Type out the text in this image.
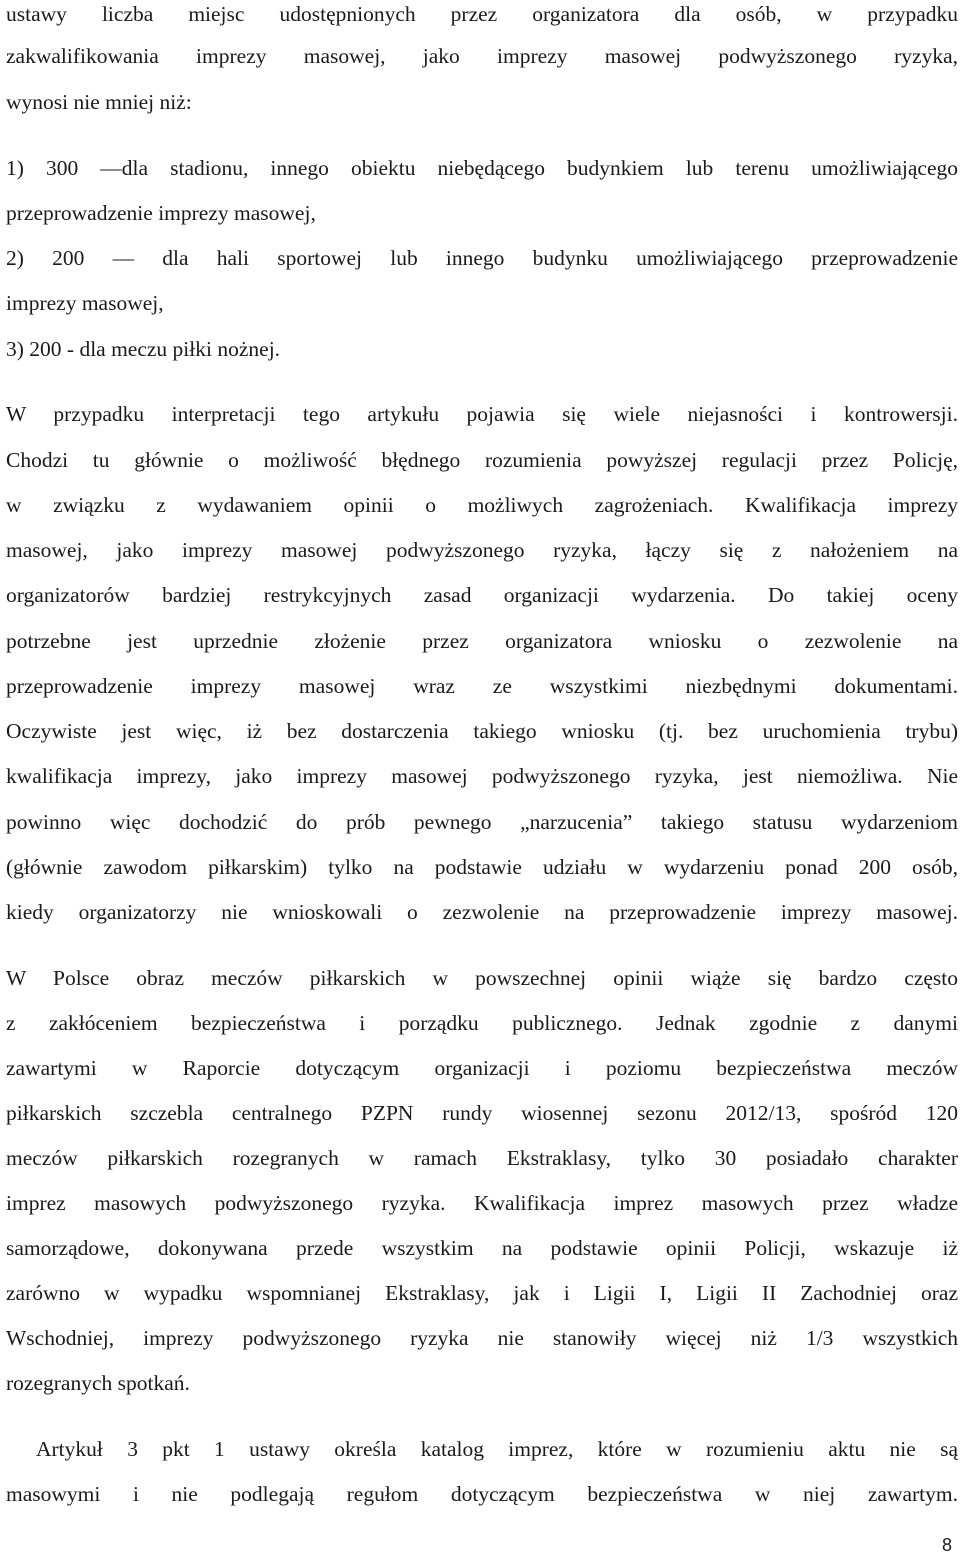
ustawy liczba miejsc udostępnionych przez organizatora dla osób, w przypadku
zakwalifikowania imprezy masowej, jako imprezy masowej podwyższonego ryzyka,
wynosi nie mniej niż:
1) 300 —dla stadionu, innego obiektu niebędącego budynkiem lub terenu umożliwiającego
przeprowadzenie imprezy masowej,
2) 200 — dla hali sportowej lub innego budynku umożliwiającego przeprowadzenie
imprezy masowej,
3) 200 - dla meczu piłki nożnej.
W przypadku interpretacji tego artykułu pojawia się wiele niejasności i kontrowersji.
Chodzi tu głównie o możliwość błędnego rozumienia powyższej regulacji przez Policję,
w związku z wydawaniem opinii o możliwych zagrożeniach. Kwalifikacja imprezy
masowej, jako imprezy masowej podwyższonego ryzyka, łączy się z nałożeniem na
organizatorów bardziej restrykcyjnych zasad organizacji wydarzenia. Do takiej oceny
potrzebne jest uprzednie złożenie przez organizatora wniosku o zezwolenie na
przeprowadzenie imprezy masowej wraz ze wszystkimi niezbędnymi dokumentami.
Oczywiste jest więc, iż bez dostarczenia takiego wniosku (tj. bez uruchomienia trybu)
kwalifikacja imprezy, jako imprezy masowej podwyższonego ryzyka, jest niemożliwa. Nie
powinno więc dochodzić do prób pewnego „narzucenia” takiego statusu wydarzeniom
(głównie zawodom piłkarskim) tylko na podstawie udziału w wydarzeniu ponad 200 osób,
kiedy organizatorzy nie wnioskowali o zezwolenie na przeprowadzenie imprezy masowej.
W Polsce obraz meczów piłkarskich w powszechnej opinii wiąże się bardzo często
z zakłóceniem bezpieczeństwa i porządku publicznego. Jednak zgodnie z danymi
zawartymi w Raporcie dotyczącym organizacji i poziomu bezpieczeństwa meczów
piłkarskich szczebla centralnego PZPN rundy wiosennej sezonu 2012/13, spośród 120
meczów piłkarskich rozegranych w ramach Ekstraklasy, tylko 30 posiadało charakter
imprez masowych podwyższonego ryzyka. Kwalifikacja imprez masowych przez władze
samorządowe, dokonywana przede wszystkim na podstawie opinii Policji, wskazuje iż
zarówno w wypadku wspomnianej Ekstraklasy, jak i Ligii I, Ligii II Zachodniej oraz
Wschodniej, imprezy podwyższonego ryzyka nie stanowiły więcej niż 1/3 wszystkich
rozegranych spotkań.
Artykuł 3 pkt 1 ustawy określa katalog imprez, które w rozumieniu aktu nie są
masowymi i nie podlegają regułom dotyczącym bezpieczeństwa w niej zawartym.
8
